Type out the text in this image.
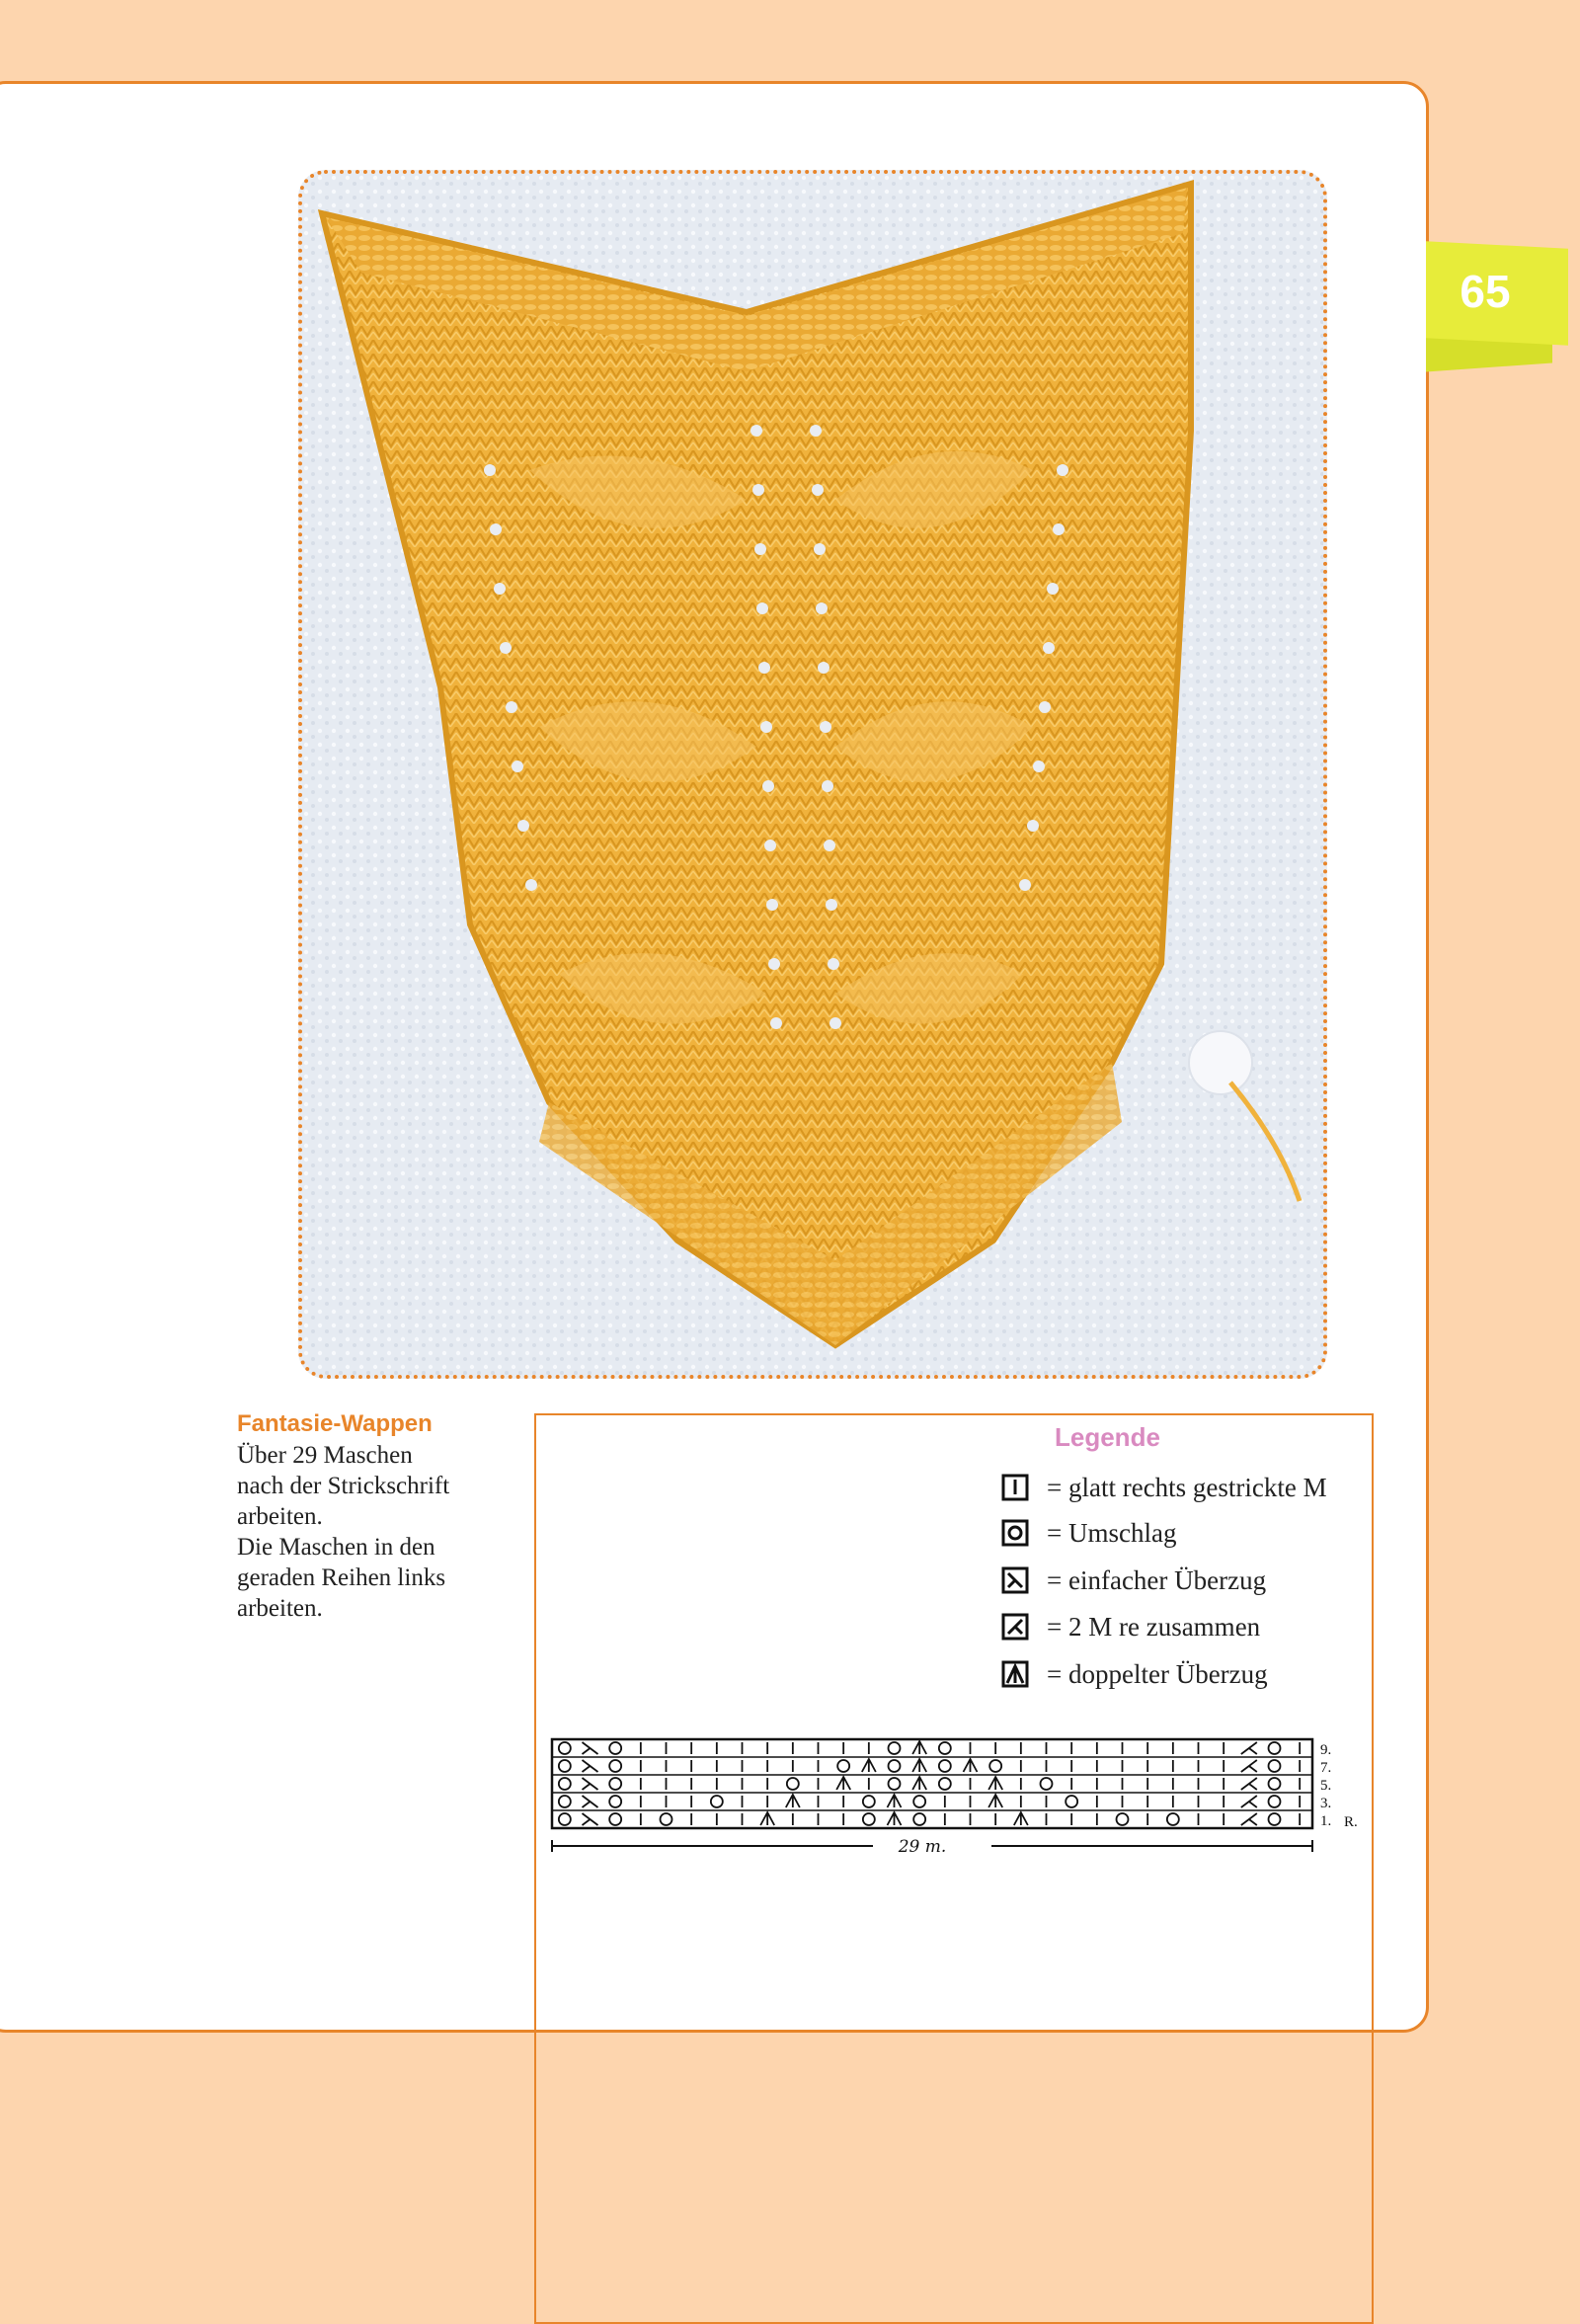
65
Fantasie-Wappen
Über 29 Maschen
nach der Strickschrift
arbeiten.
Die Maschen in den
geraden Reihen links
arbeiten.
Legende
= glatt rechts gestrickte M
= Umschlag
= einfacher Überzug
= 2 M re zusammen
= doppelter Überzug
9.
7.
5.
3.
1. R.
29 m.
